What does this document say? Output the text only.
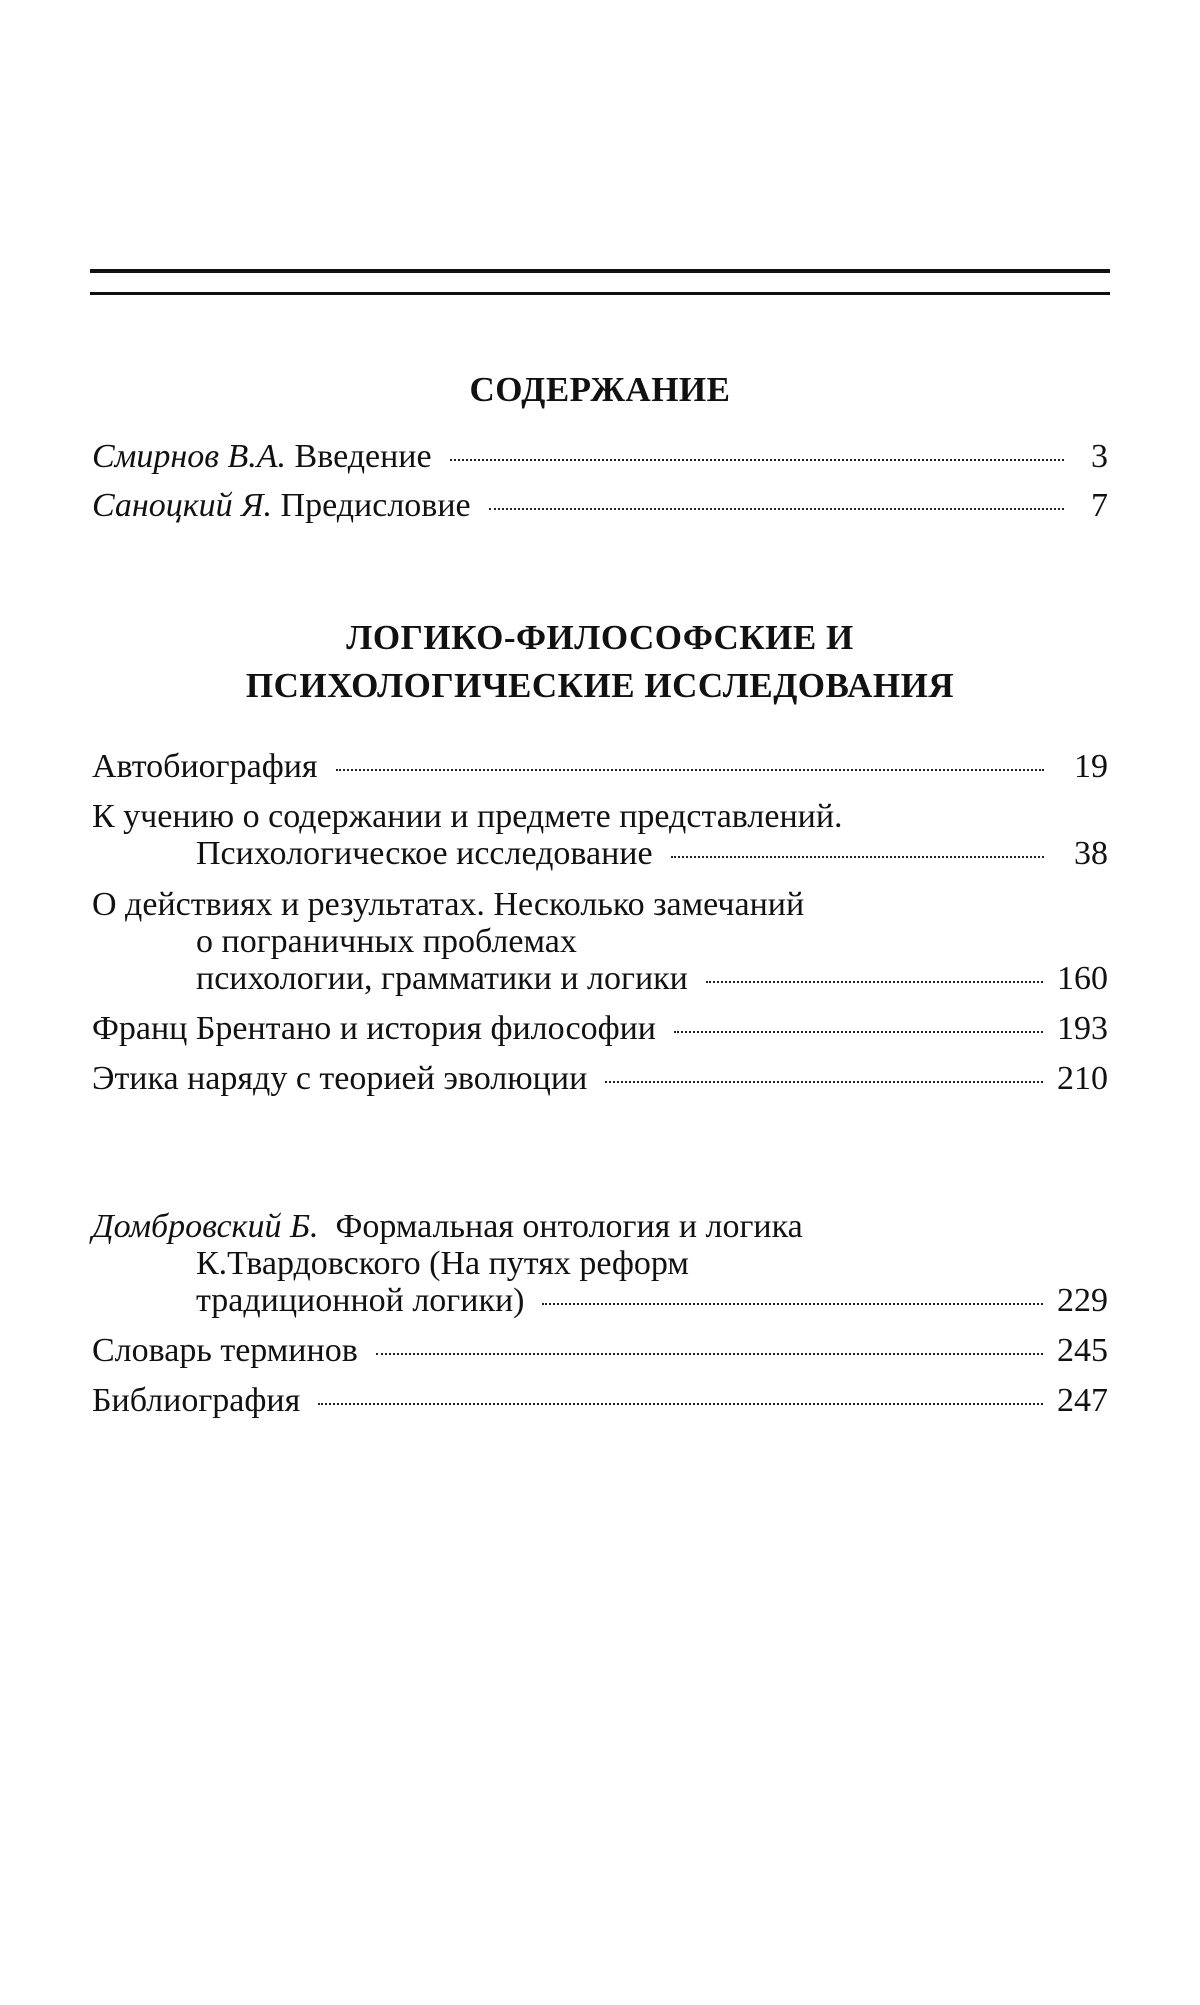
СОДЕРЖАНИЕ
Смирнов В.А. Введение	3
Саноцкий Я. Предисловие	7
ЛОГИКО-ФИЛОСОФСКИЕ И
ПСИХОЛОГИЧЕСКИЕ ИССЛЕДОВАНИЯ
Автобиография	19
К учению о содержании и предмете представлений.
Психологическое исследование	38
О действиях и результатах. Несколько замечаний
о пограничных проблемах
психологии, грамматики и логики	160
Франц Брентано и история философии	193
Этика наряду с теорией эволюции	210
Домбровский Б. Формальная онтология и логика
К.Твардовского (На путях реформ
традиционной логики)	229
Словарь терминов	245
Библиография	247
